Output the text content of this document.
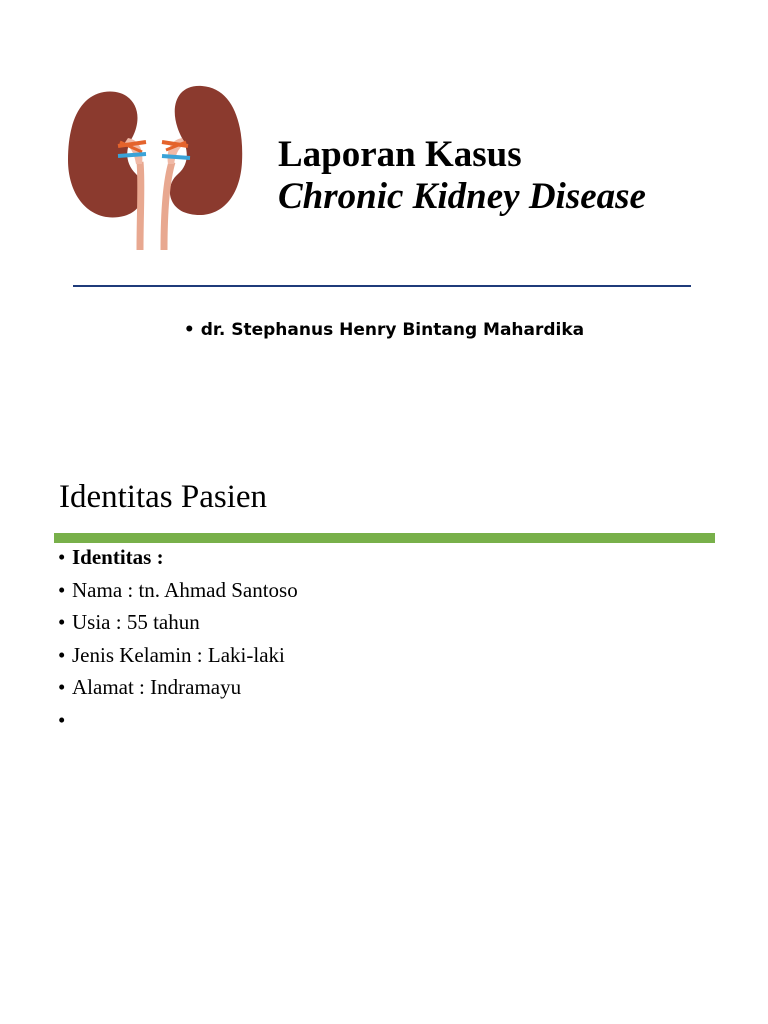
Laporan Kasus
Chronic Kidney Disease
• dr. Stephanus Henry Bintang Mahardika
Identitas Pasien
• Identitas :
• Nama : tn. Ahmad Santoso
• Usia : 55 tahun
• Jenis Kelamin : Laki-laki
• Alamat : Indramayu
•
